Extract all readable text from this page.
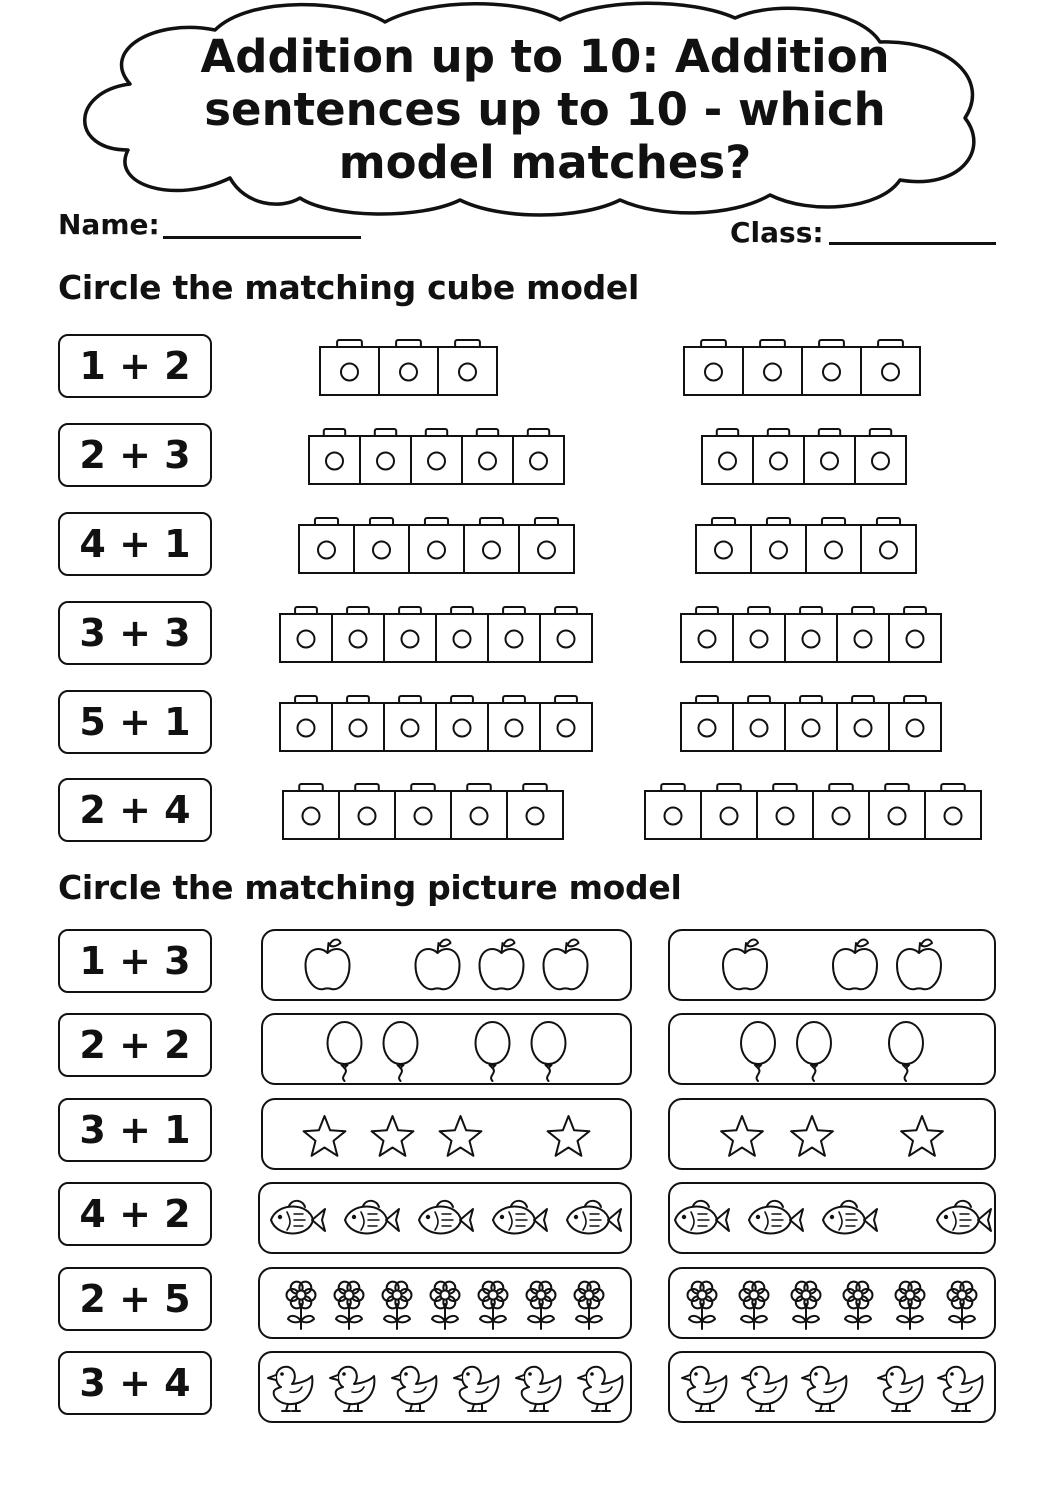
Addition up to 10: Addition sentences up to 10 - which model matches?
Name:	Class:
Circle the matching cube model
1 + 2
2 + 3
4 + 1
3 + 3
5 + 1
2 + 4
Circle the matching picture model
1 + 3
2 + 2
3 + 1
4 + 2
2 + 5
3 + 4
